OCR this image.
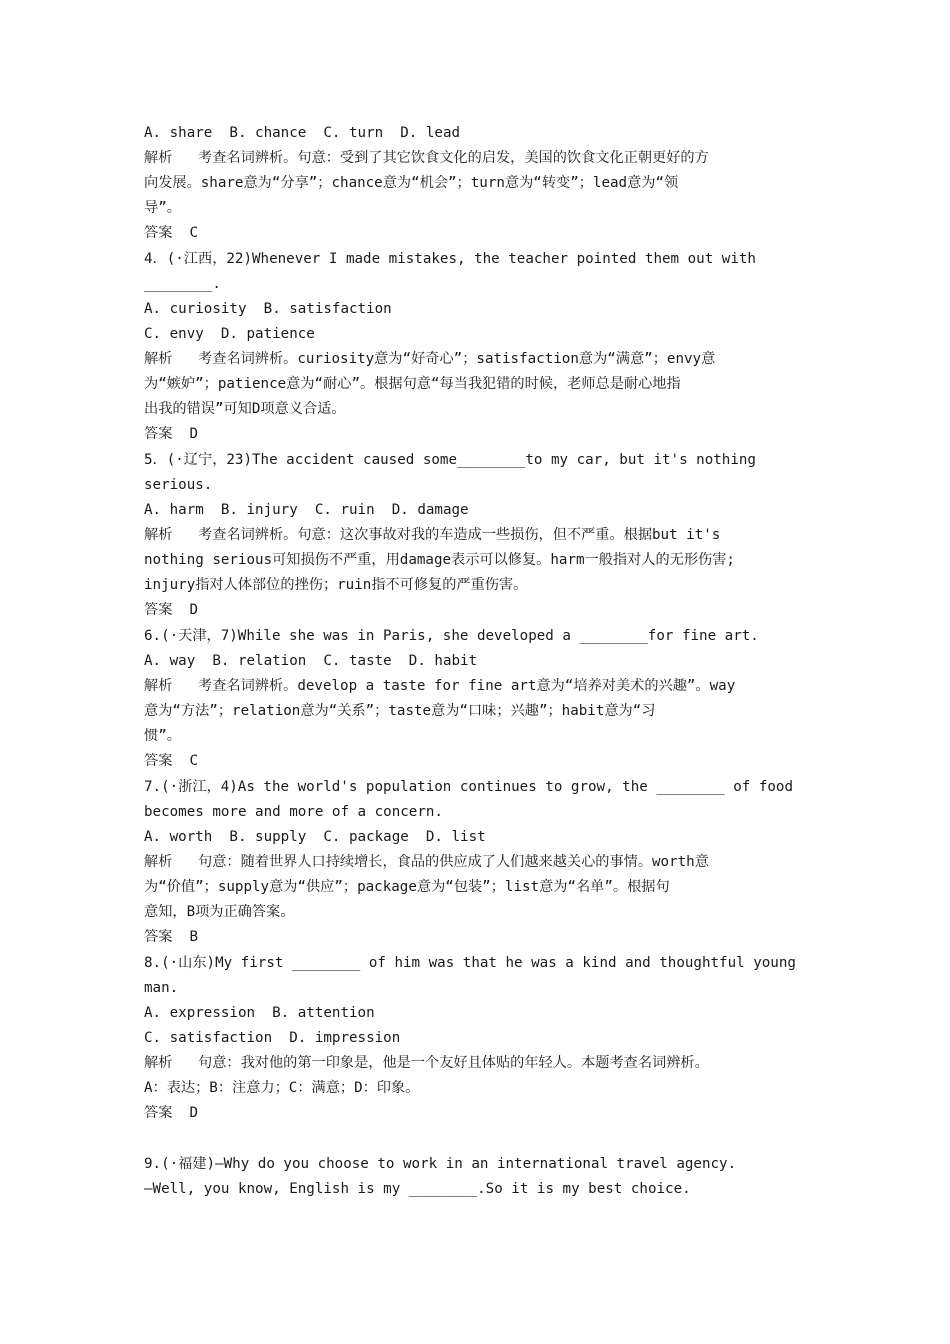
A. share  B. chance  C. turn  D. lead
解析   考查名词辨析。句意：受到了其它饮食文化的启发，美国的饮食文化正朝更好的方
向发展。share意为“分享”；chance意为“机会”；turn意为“转变”；lead意为“领
导”。
答案  C
4．(·江西，22)Whenever I made mistakes, the teacher pointed them out with
________.
A. curiosity  B. satisfaction
C. envy  D. patience
解析   考查名词辨析。curiosity意为“好奇心”；satisfaction意为“满意”；envy意
为“嫉妒”；patience意为“耐心”。根据句意“每当我犯错的时候，老师总是耐心地指
出我的错误”可知D项意义合适。
答案  D
5．(·辽宁，23)The accident caused some________to my car, but it's nothing
serious.
A. harm  B. injury  C. ruin  D. damage
解析   考查名词辨析。句意：这次事故对我的车造成一些损伤，但不严重。根据but it's
nothing serious可知损伤不严重，用damage表示可以修复。harm一般指对人的无形伤害;
injury指对人体部位的挫伤；ruin指不可修复的严重伤害。
答案  D
6.(·天津，7)While she was in Paris, she developed a ________for fine art.
A. way  B. relation  C. taste  D. habit
解析   考查名词辨析。develop a taste for fine art意为“培养对美术的兴趣”。way
意为“方法”；relation意为“关系”；taste意为“口味；兴趣”；habit意为“习
惯”。
答案  C
7.(·浙江，4)As the world's population continues to grow, the ________ of food
becomes more and more of a concern.
A. worth  B. supply  C. package  D. list
解析   句意：随着世界人口持续增长，食品的供应成了人们越来越关心的事情。worth意
为“价值”；supply意为“供应”；package意为“包装”；list意为“名单”。根据句
意知，B项为正确答案。
答案  B
8.(·山东)My first ________ of him was that he was a kind and thoughtful young
man.
A. expression  B. attention
C. satisfaction  D. impression
解析   句意：我对他的第一印象是，他是一个友好且体贴的年轻人。本题考查名词辨析。
A：表达；B：注意力；C：满意；D：印象。
答案  D
9.(·福建)—Why do you choose to work in an international travel agency.
—Well, you know, English is my ________.So it is my best choice.
